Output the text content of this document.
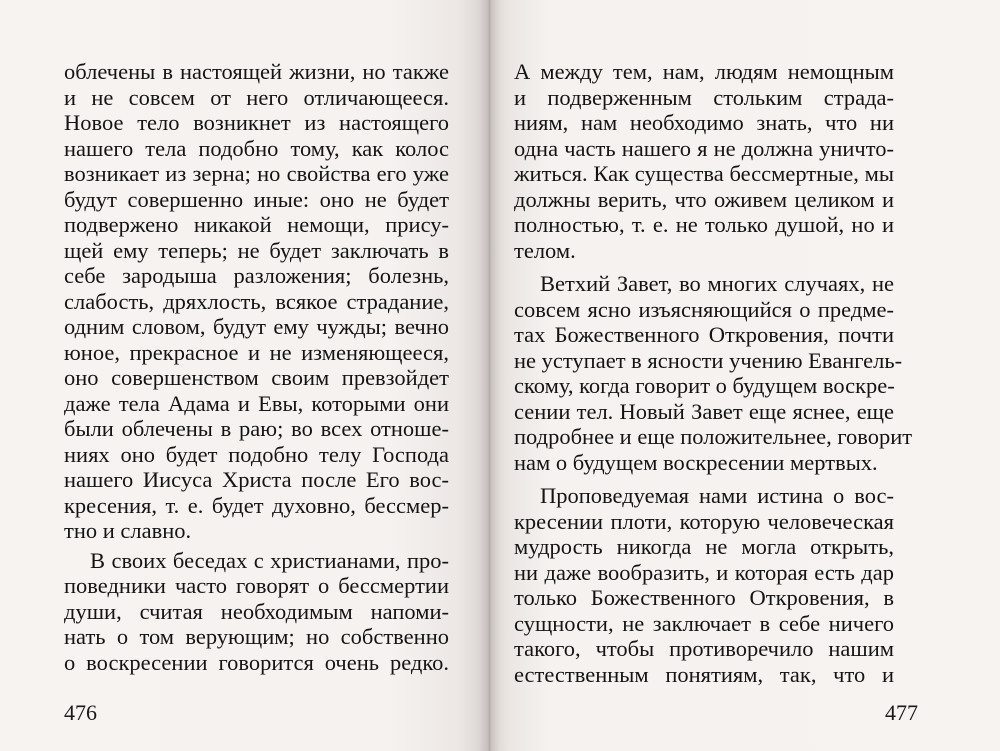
облечены в настоящей жизни, но также
и не совсем от него отличающееся.
Новое тело возникнет из настоящего
нашего тела подобно тому, как колос
возникает из зерна; но свойства его уже
будут совершенно иные: оно не будет
подвержено никакой немощи, прису-
щей ему теперь; не будет заключать в
себе зародыша разложения; болезнь,
слабость, дряхлость, всякое страдание,
одним словом, будут ему чужды; вечно
юное, прекрасное и не изменяющееся,
оно совершенством своим превзойдет
даже тела Адама и Евы, которыми они
были облечены в раю; во всех отноше-
ниях оно будет подобно телу Господа
нашего Иисуса Христа после Его вос-
кресения, т. е. будет духовно, бессмер-
тно и славно.
В своих беседах с христианами, про-
поведники часто говорят о бессмертии
души, считая необходимым напоми-
нать о том верующим; но собственно
о воскресении говорится очень редко.
476
А между тем, нам, людям немощным
и подверженным стольким страда-
ниям, нам необходимо знать, что ни
одна часть нашего я не должна уничто-
житься. Как существа бессмертные, мы
должны верить, что оживем целиком и
полностью, т. е. не только душой, но и
телом.
Ветхий Завет, во многих случаях, не
совсем ясно изъясняющийся о предме-
тах Божественного Откровения, почти
не уступает в ясности учению Евангель-
скому, когда говорит о будущем воскре-
сении тел. Новый Завет еще яснее, еще
подробнее и еще положительнее, говорит
нам о будущем воскресении мертвых.
Проповедуемая нами истина о вос-
кресении плоти, которую человеческая
мудрость никогда не могла открыть,
ни даже вообразить, и которая есть дар
только Божественного Откровения, в
сущности, не заключает в себе ничего
такого, чтобы противоречило нашим
естественным понятиям, так, что и
477
